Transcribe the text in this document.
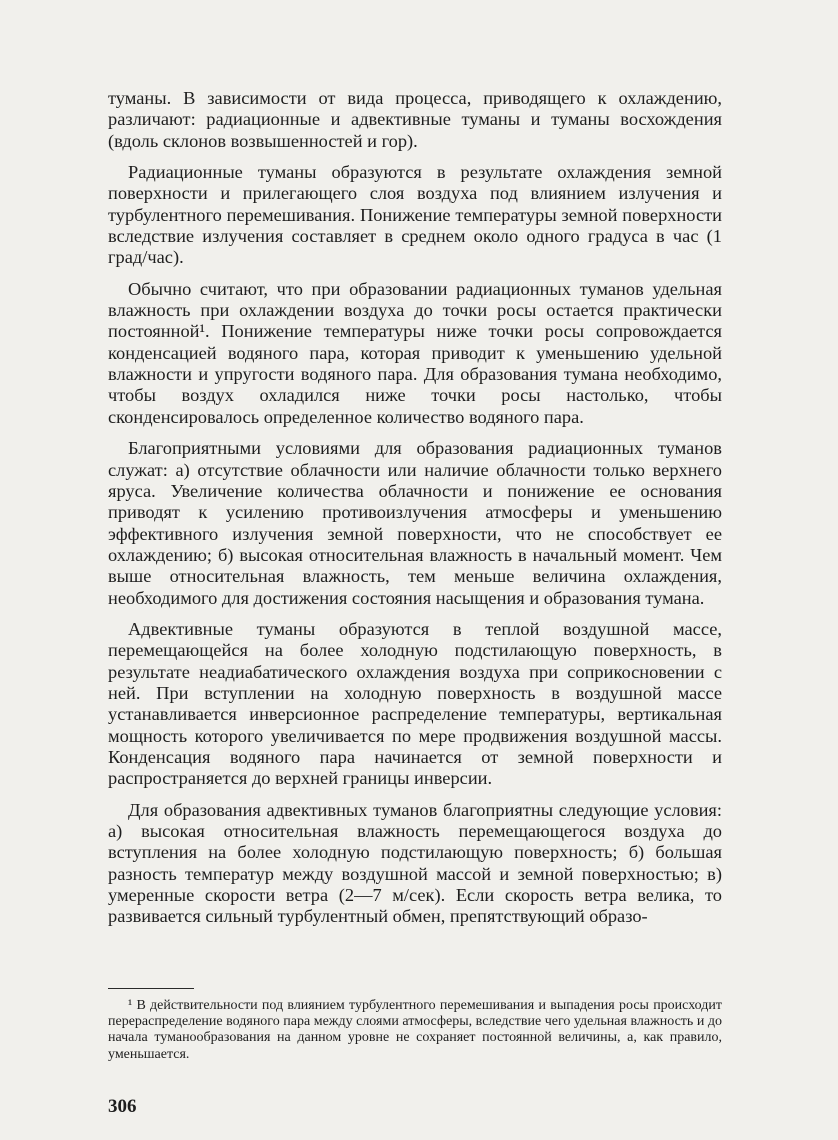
туманы. В зависимости от вида процесса, приводящего к охлаждению, различают: радиационные и адвективные туманы и туманы восхождения (вдоль склонов возвышенностей и гор).

Радиационные туманы образуются в результате охлаждения земной поверхности и прилегающего слоя воздуха под влиянием излучения и турбулентного перемешивания. Понижение температуры земной поверхности вследствие излучения составляет в среднем около одного градуса в час (1 град/час).

Обычно считают, что при образовании радиационных туманов удельная влажность при охлаждении воздуха до точки росы остается практически постоянной¹. Понижение температуры ниже точки росы сопровождается конденсацией водяного пара, которая приводит к уменьшению удельной влажности и упругости водяного пара. Для образования тумана необходимо, чтобы воздух охладился ниже точки росы настолько, чтобы сконденсировалось определенное количество водяного пара.

Благоприятными условиями для образования радиационных туманов служат: а) отсутствие облачности или наличие облачности только верхнего яруса. Увеличение количества облачности и понижение ее основания приводят к усилению противоизлучения атмосферы и уменьшению эффективного излучения земной поверхности, что не способствует ее охлаждению; б) высокая относительная влажность в начальный момент. Чем выше относительная влажность, тем меньше величина охлаждения, необходимого для достижения состояния насыщения и образования тумана.

Адвективные туманы образуются в теплой воздушной массе, перемещающейся на более холодную подстилающую поверхность, в результате неадиабатического охлаждения воздуха при соприкосновении с ней. При вступлении на холодную поверхность в воздушной массе устанавливается инверсионное распределение температуры, вертикальная мощность которого увеличивается по мере продвижения воздушной массы. Конденсация водяного пара начинается от земной поверхности и распространяется до верхней границы инверсии.

Для образования адвективных туманов благоприятны следующие условия: а) высокая относительная влажность перемещающегося воздуха до вступления на более холодную подстилающую поверхность; б) большая разность температур между воздушной массой и земной поверхностью; в) умеренные скорости ветра (2—7 м/сек). Если скорость ветра велика, то развивается сильный турбулентный обмен, препятствующий образо-

¹ В действительности под влиянием турбулентного перемешивания и выпадения росы происходит перераспределение водяного пара между слоями атмосферы, вследствие чего удельная влажность и до начала туманообразования на данном уровне не сохраняет постоянной величины, а, как правило, уменьшается.

306
